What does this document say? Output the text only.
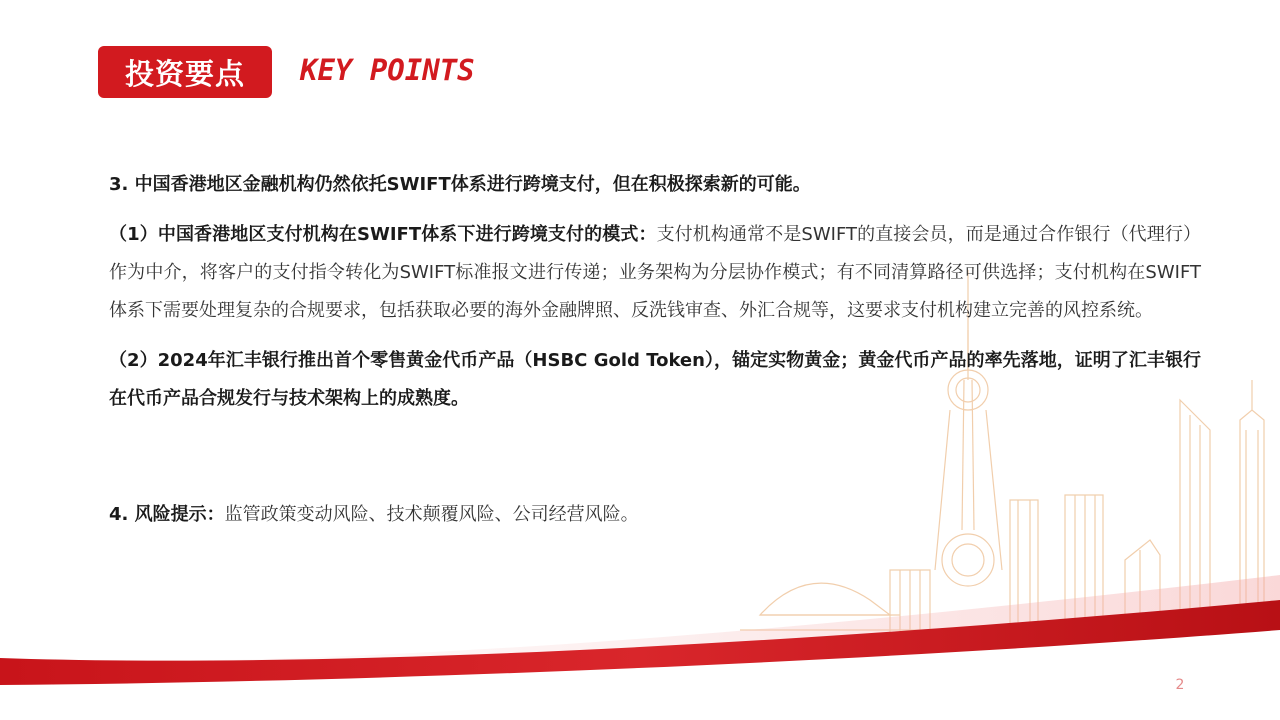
投资要点 KEY POINTS

3. 中国香港地区金融机构仍然依托SWIFT体系进行跨境支付，但在积极探索新的可能。

（1）中国香港地区支付机构在SWIFT体系下进行跨境支付的模式：支付机构通常不是SWIFT的直接会员，而是通过合作银行（代理行）作为中介，将客户的支付指令转化为SWIFT标准报文进行传递；业务架构为分层协作模式；有不同清算路径可供选择；支付机构在SWIFT体系下需要处理复杂的合规要求，包括获取必要的海外金融牌照、反洗钱审查、外汇合规等，这要求支付机构建立完善的风控系统。

（2）2024年汇丰银行推出首个零售黄金代币产品（HSBC Gold Token），锚定实物黄金；黄金代币产品的率先落地，证明了汇丰银行在代币产品合规发行与技术架构上的成熟度。

4. 风险提示：监管政策变动风险、技术颠覆风险、公司经营风险。

2
